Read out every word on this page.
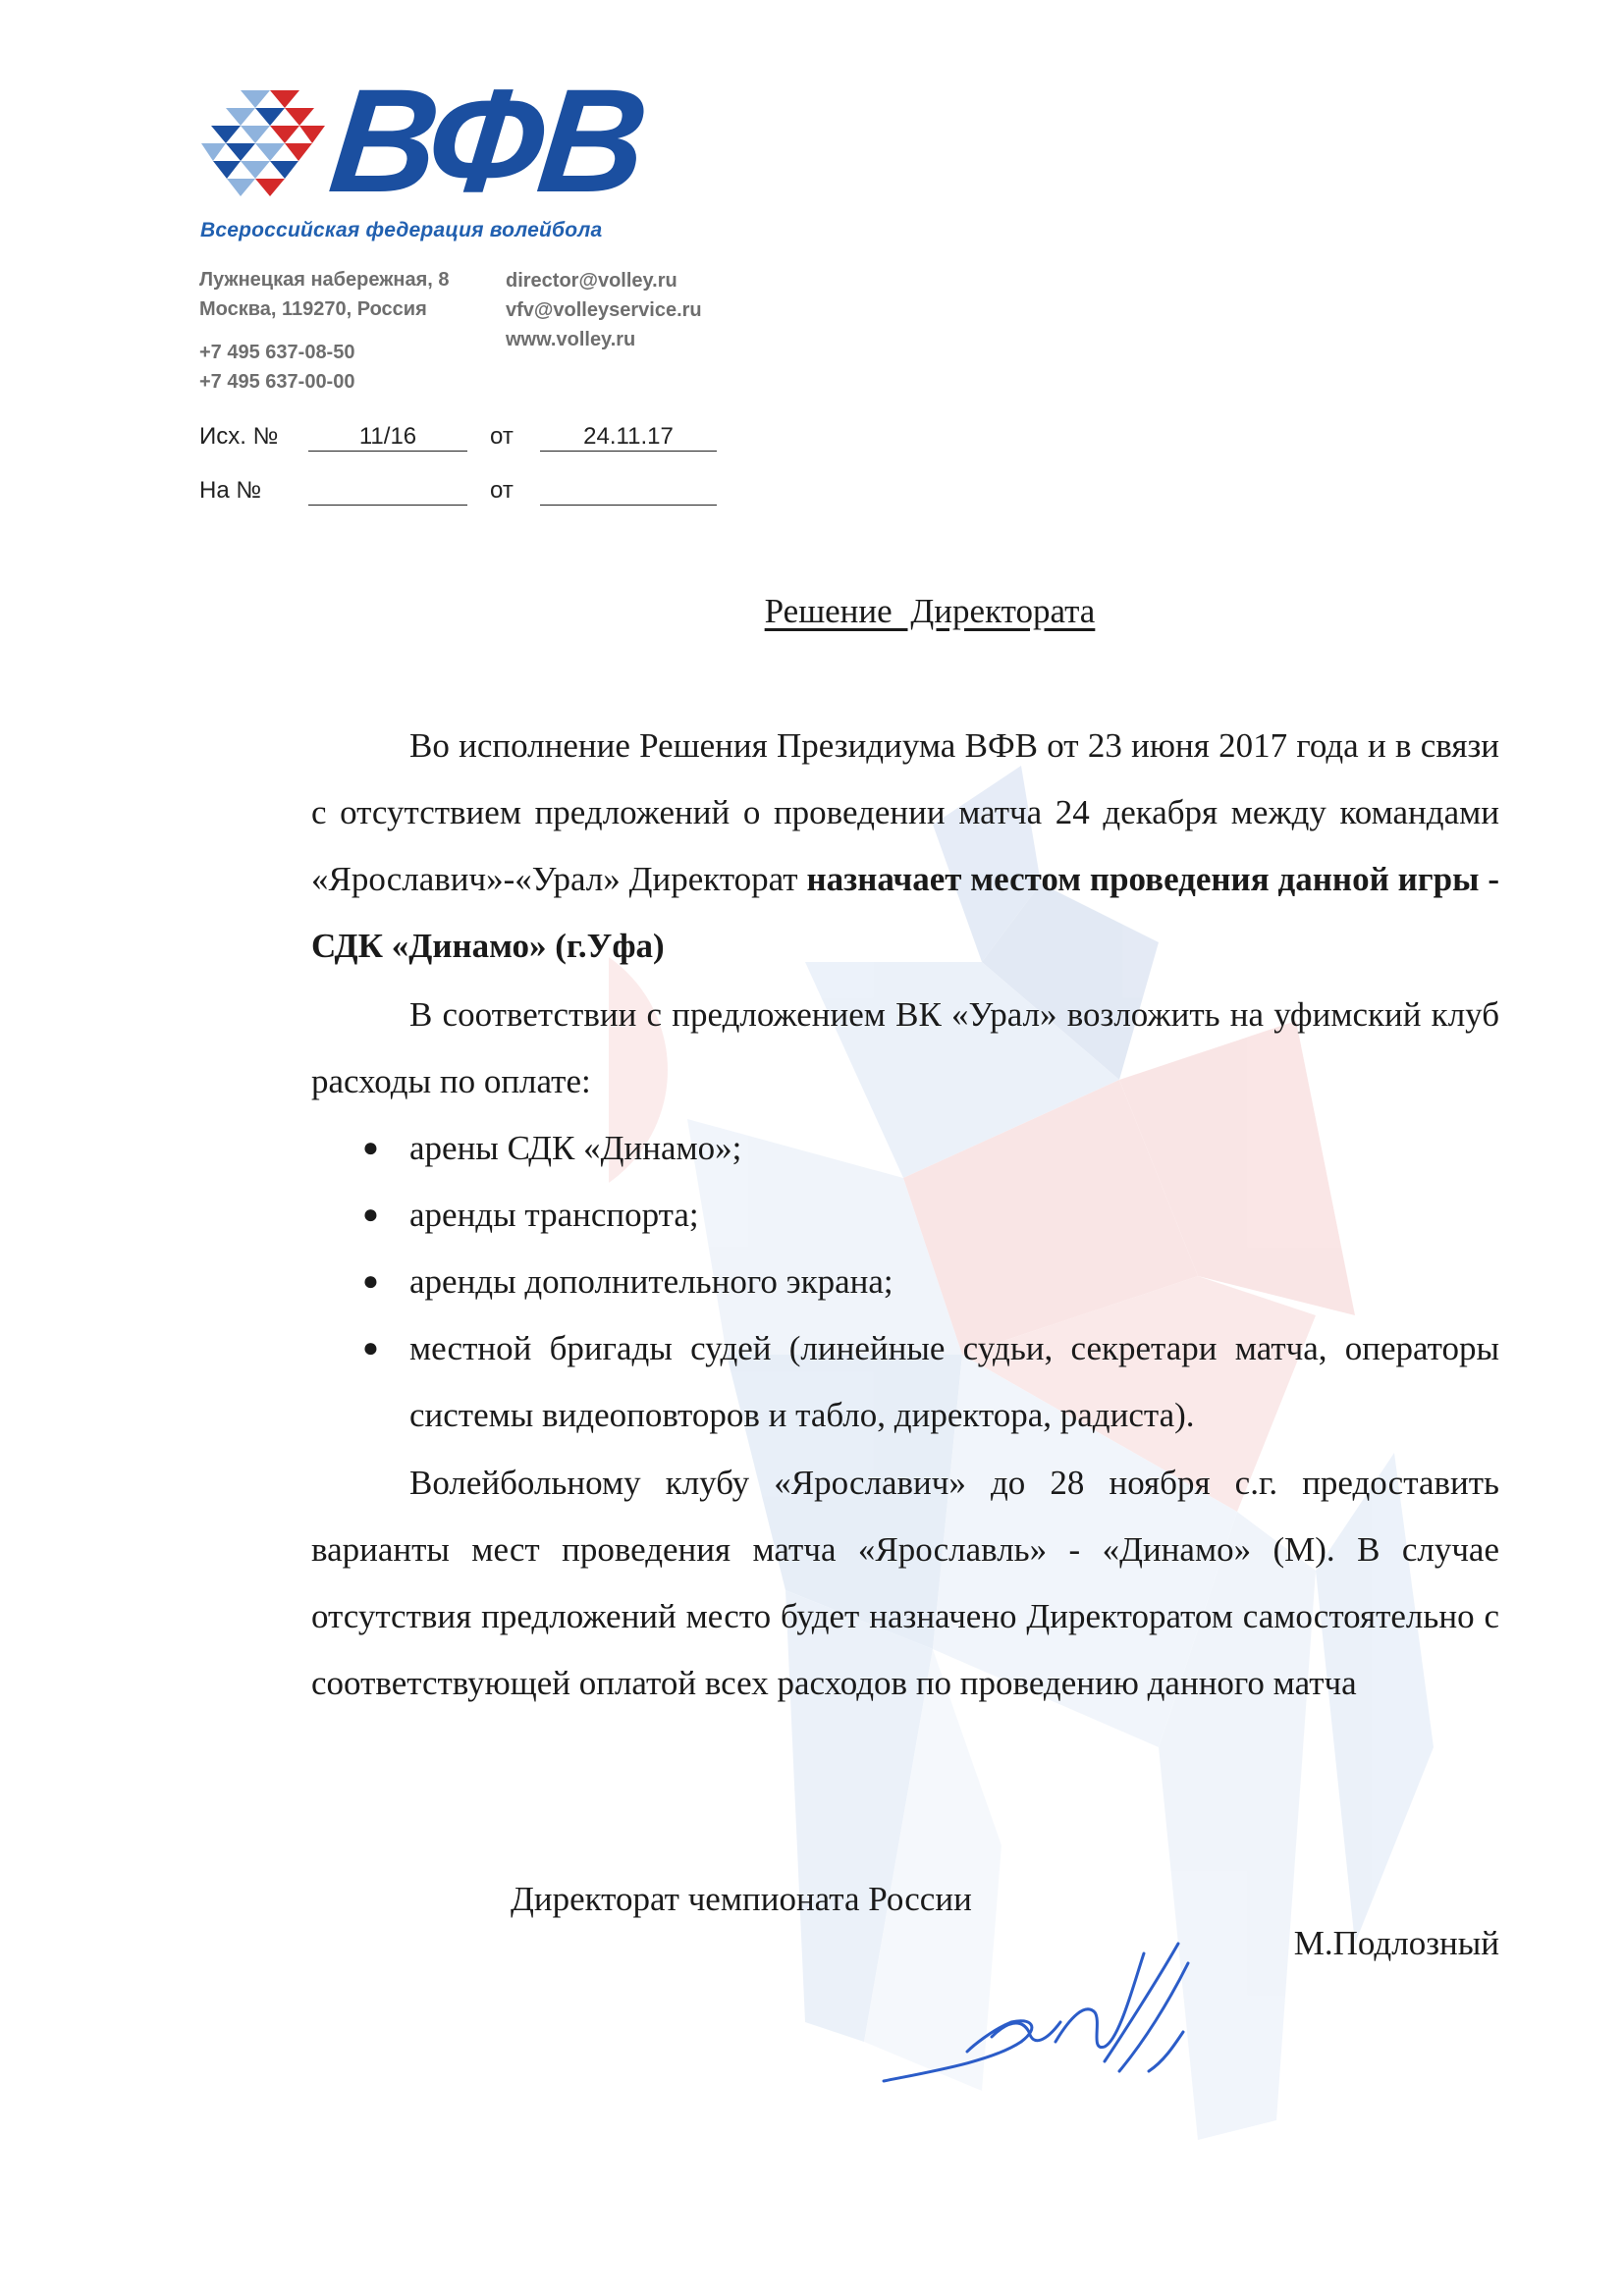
ВФВ
Всероссийская федерация волейбола
Лужнецкая набережная, 8
Москва, 119270, Россия
+7 495 637-08-50
+7 495 637-00-00
director@volley.ru
vfv@volleyservice.ru
www.volley.ru
Исх. №	11/16	от	24.11.17
На №	от
Решение Директората

Во исполнение Решения Президиума ВФВ от 23 июня 2017 года и в связи с отсутствием предложений о проведении матча 24 декабря между командами «Ярославич»-«Урал» Директорат назначает местом проведения данной игры - СДК «Динамо» (г.Уфа)

В соответствии с предложением ВК «Урал» возложить на уфимский клуб расходы по оплате:

● арены СДК «Динамо»;
● аренды транспорта;
● аренды дополнительного экрана;
● местной бригады судей (линейные судьи, секретари матча, операторы системы видеоповторов и табло, директора, радиста).

Волейбольному клубу «Ярославич» до 28 ноября с.г. предоставить варианты мест проведения матча «Ярославль» - «Динамо» (М). В случае отсутствия предложений место будет назначено Директоратом самостоятельно с соответствующей оплатой всех расходов по проведению данного матча

Директорат чемпионата России
М.Подлозный
